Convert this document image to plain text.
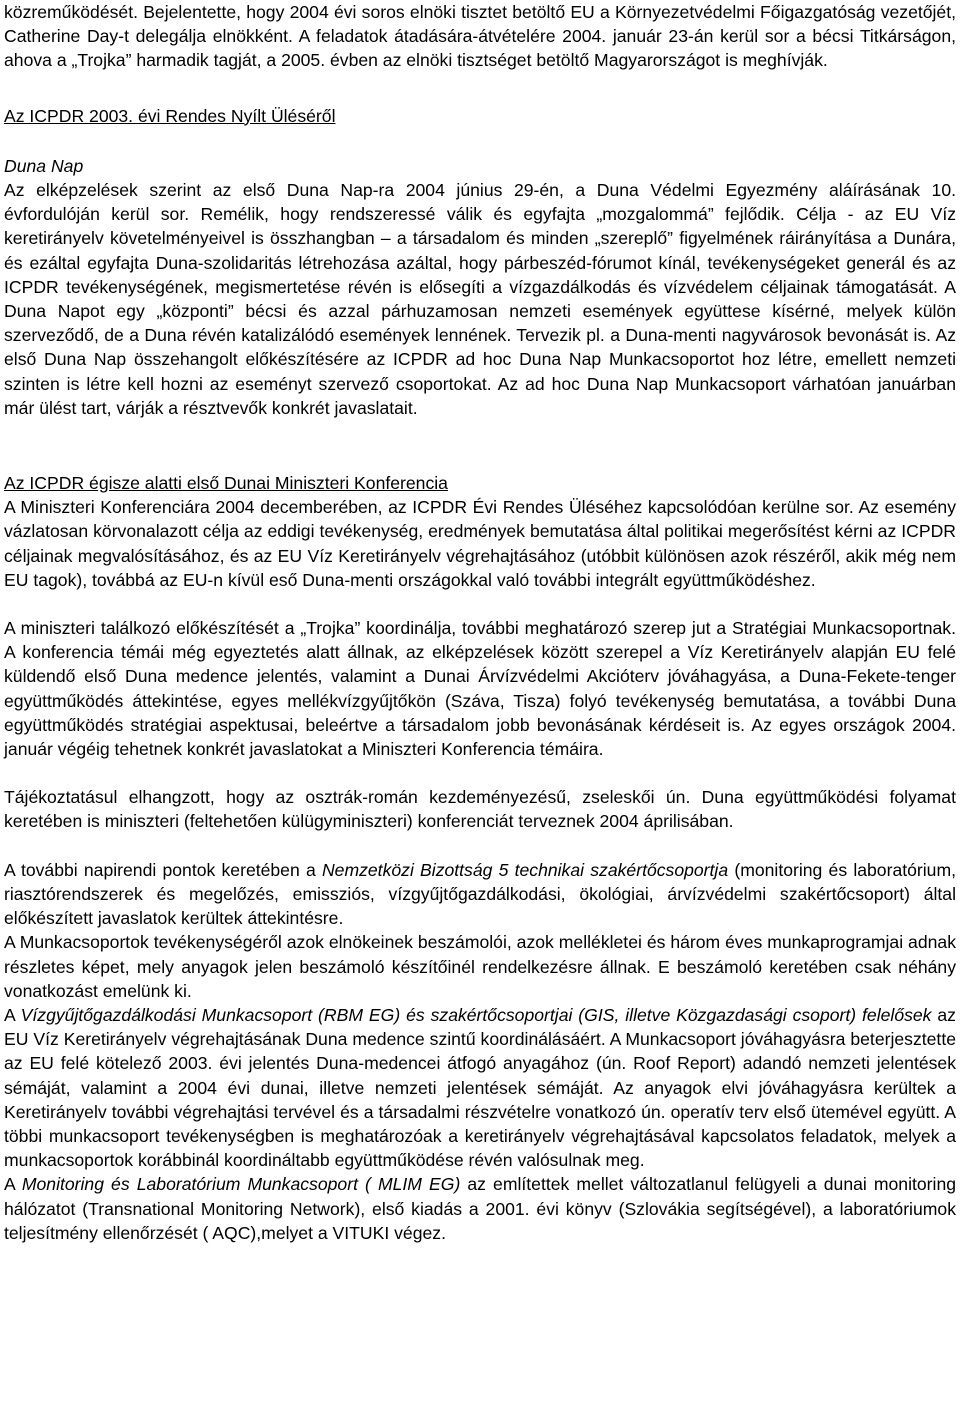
közreműködését. Bejelentette, hogy 2004 évi soros elnöki tisztet betöltő EU a Környezetvédelmi Főigazgatóság vezetőjét, Catherine Day-t delegálja elnökként. A feladatok átadására-átvételére 2004. január 23-án kerül sor a bécsi Titkárságon, ahova a „Trojka” harmadik tagját, a 2005. évben az elnöki tisztséget betöltő Magyarországot is meghívják.

Az ICPDR 2003. évi Rendes Nyílt Üléséről

Duna Nap

Az elképzelések szerint az első Duna Nap-ra 2004 június 29-én, a Duna Védelmi Egyezmény aláírásának 10. évfordulóján kerül sor. Remélik, hogy rendszeressé válik és egyfajta „mozgalommá” fejlődik. Célja - az EU Víz keretirányelv követelményeivel is összhangban – a társadalom és minden „szereplő” figyelmének ráirányítása a Dunára, és ezáltal egyfajta Duna-szolidaritás létrehozása azáltal, hogy párbeszéd-fórumot kínál, tevékenységeket generál és az ICPDR tevékenységének, megismertetése révén is elősegíti a vízgazdálkodás és vízvédelem céljainak támogatását. A Duna Napot egy „központi” bécsi és azzal párhuzamosan nemzeti események együttese kísérné, melyek külön szerveződő, de a Duna révén katalizálódó események lennének. Tervezik pl. a Duna-menti nagyvárosok bevonását is. Az első Duna Nap összehangolt előkészítésére az ICPDR ad hoc Duna Nap Munkacsoportot hoz létre, emellett nemzeti szinten is létre kell hozni az eseményt szervező csoportokat. Az ad hoc Duna Nap Munkacsoport várhatóan januárban már ülést tart, várják a résztvevők konkrét javaslatait.

Az ICPDR égisze alatti első Dunai Miniszteri Konferencia

A Miniszteri Konferenciára 2004 decemberében, az ICPDR Évi Rendes Üléséhez kapcsolódóan kerülne sor. Az esemény vázlatosan körvonalazott célja az eddigi tevékenység, eredmények bemutatása által politikai megerősítést kérni az ICPDR céljainak megvalósításához, és az EU Víz Keretirányelv végrehajtásához (utóbbit különösen azok részéről, akik még nem EU tagok), továbbá az EU-n kívül eső Duna-menti országokkal való további integrált együttműködéshez.

A miniszteri találkozó előkészítését a „Trojka” koordinálja, további meghatározó szerep jut a Stratégiai Munkacsoportnak. A konferencia témái még egyeztetés alatt állnak, az elképzelések között szerepel a Víz Keretirányelv alapján EU felé küldendő első Duna medence jelentés, valamint a Dunai Árvízvédelmi Akcióterv jóváhagyása, a Duna-Fekete-tenger együttműködés áttekintése, egyes mellékvízgyűjtőkön (Száva, Tisza) folyó tevékenység bemutatása, a további Duna együttműködés stratégiai aspektusai, beleértve a társadalom jobb bevonásának kérdéseit is. Az egyes országok 2004. január végéig tehetnek konkrét javaslatokat a Miniszteri Konferencia témáira.

Tájékoztatásul elhangzott, hogy az osztrák-román kezdeményezésű, zseleskői ún. Duna együttműködési folyamat keretében is miniszteri (feltehetően külügyminiszteri) konferenciát terveznek 2004 áprilisában.

A további napirendi pontok keretében a Nemzetközi Bizottság 5 technikai szakértőcsoportja (monitoring és laboratórium, riasztórendszerek és megelőzés, emissziós, vízgyűjtőgazdálkodási, ökológiai, árvízvédelmi szakértőcsoport) által előkészített javaslatok kerültek áttekintésre.

A Munkacsoportok tevékenységéről azok elnökeinek beszámolói, azok mellékletei és három éves munkaprogramjai adnak részletes képet, mely anyagok jelen beszámoló készítőinél rendelkezésre állnak. E beszámoló keretében csak néhány vonatkozást emelünk ki.

A Vízgyűjtőgazdálkodási Munkacsoport (RBM EG) és szakértőcsoportjai (GIS, illetve Közgazdasági csoport) felelősek az EU Víz Keretirányelv végrehajtásának Duna medence szintű koordinálásáért. A Munkacsoport jóváhagyásra beterjesztette az EU felé kötelező 2003. évi jelentés Duna-medencei átfogó anyagához (ún. Roof Report) adandó nemzeti jelentések sémáját, valamint a 2004 évi dunai, illetve nemzeti jelentések sémáját. Az anyagok elvi jóváhagyásra kerültek a Keretirányelv további végrehajtási tervével és a társadalmi részvételre vonatkozó ún. operatív terv első ütemével együtt. A többi munkacsoport tevékenységben is meghatározóak a keretirányelv végrehajtásával kapcsolatos feladatok, melyek a munkacsoportok korábbinál koordináltabb együttműködése révén valósulnak meg.

A Monitoring és Laboratórium Munkacsoport ( MLIM EG) az említettek mellet változatlanul felügyeli a dunai monitoring hálózatot (Transnational Monitoring Network), első kiadás a 2001. évi könyv (Szlovákia segítségével), a laboratóriumok teljesítmény ellenőrzését ( AQC),melyet a VITUKI végez.
